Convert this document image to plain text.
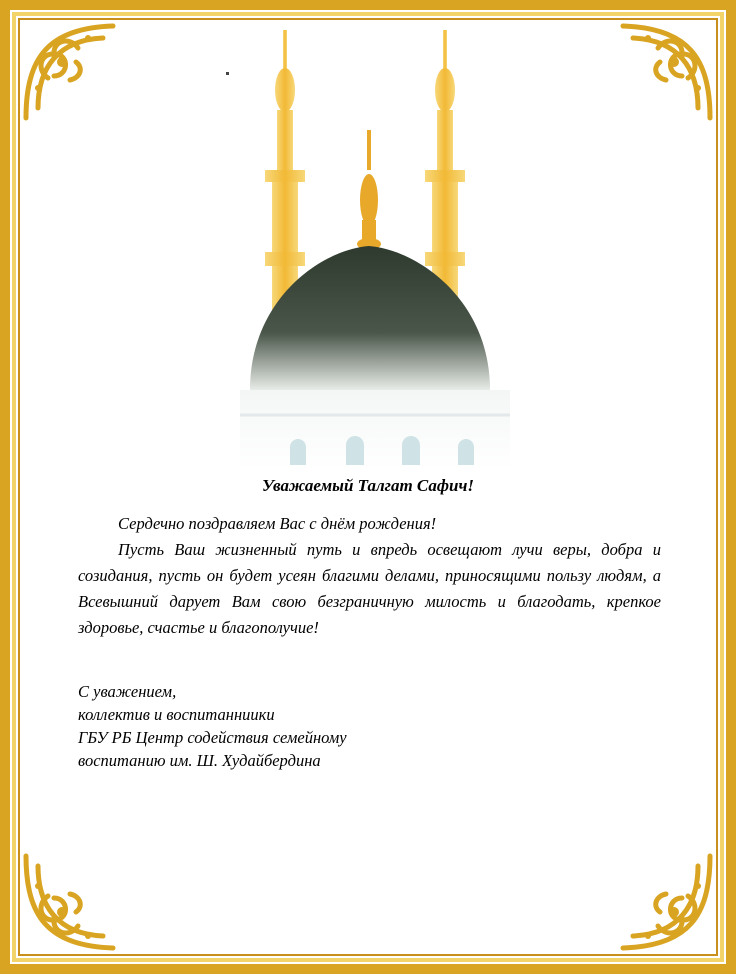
Уважаемый Талгат Сафич!

Сердечно поздравляем Вас с днём рождения!

Пусть Ваш жизненный путь и впредь освещают лучи веры, добра и созидания, пусть он будет усеян благими делами, приносящими пользу людям, а Всевышний дарует Вам свою безграничную милость и благодать, крепкое здоровье, счастье и благополучие!

С уважением,
коллектив и воспитанниики
ГБУ РБ Центр содействия семейному
воспитанию им. Ш. Худайбердина
